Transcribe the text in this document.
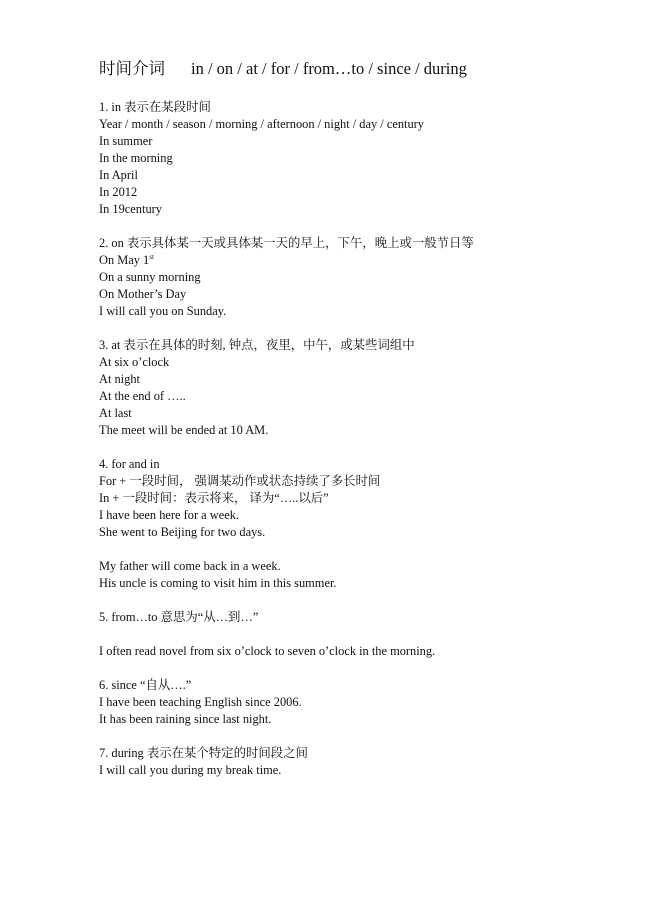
时间介词 in / on / at / for / from…to / since / during
1. in 表示在某段时间
Year / month / season / morning / afternoon / night / day / century
In summer
In the morning
In April
In 2012
In 19century
2. on 表示具体某一天或具体某一天的早上，下午，晚上或一般节日等
On May 1st
On a sunny morning
On Mother’s Day
I will call you on Sunday.
3. at 表示在具体的时刻, 钟点，夜里，中午，或某些词组中
At six o’clock
At night
At the end of …..
At last
The meet will be ended at 10 AM.
4. for and in
For + 一段时间， 强调某动作或状态持续了多长时间
In + 一段时间：表示将来， 译为“…..以后”
I have been here for a week.
She went to Beijing for two days.
My father will come back in a week.
His uncle is coming to visit him in this summer.
5. from…to 意思为“从…到…”
I often read novel from six o’clock to seven o’clock in the morning.
6. since “自从….”
I have been teaching English since 2006.
It has been raining since last night.
7. during 表示在某个特定的时间段之间
I will call you during my break time.
